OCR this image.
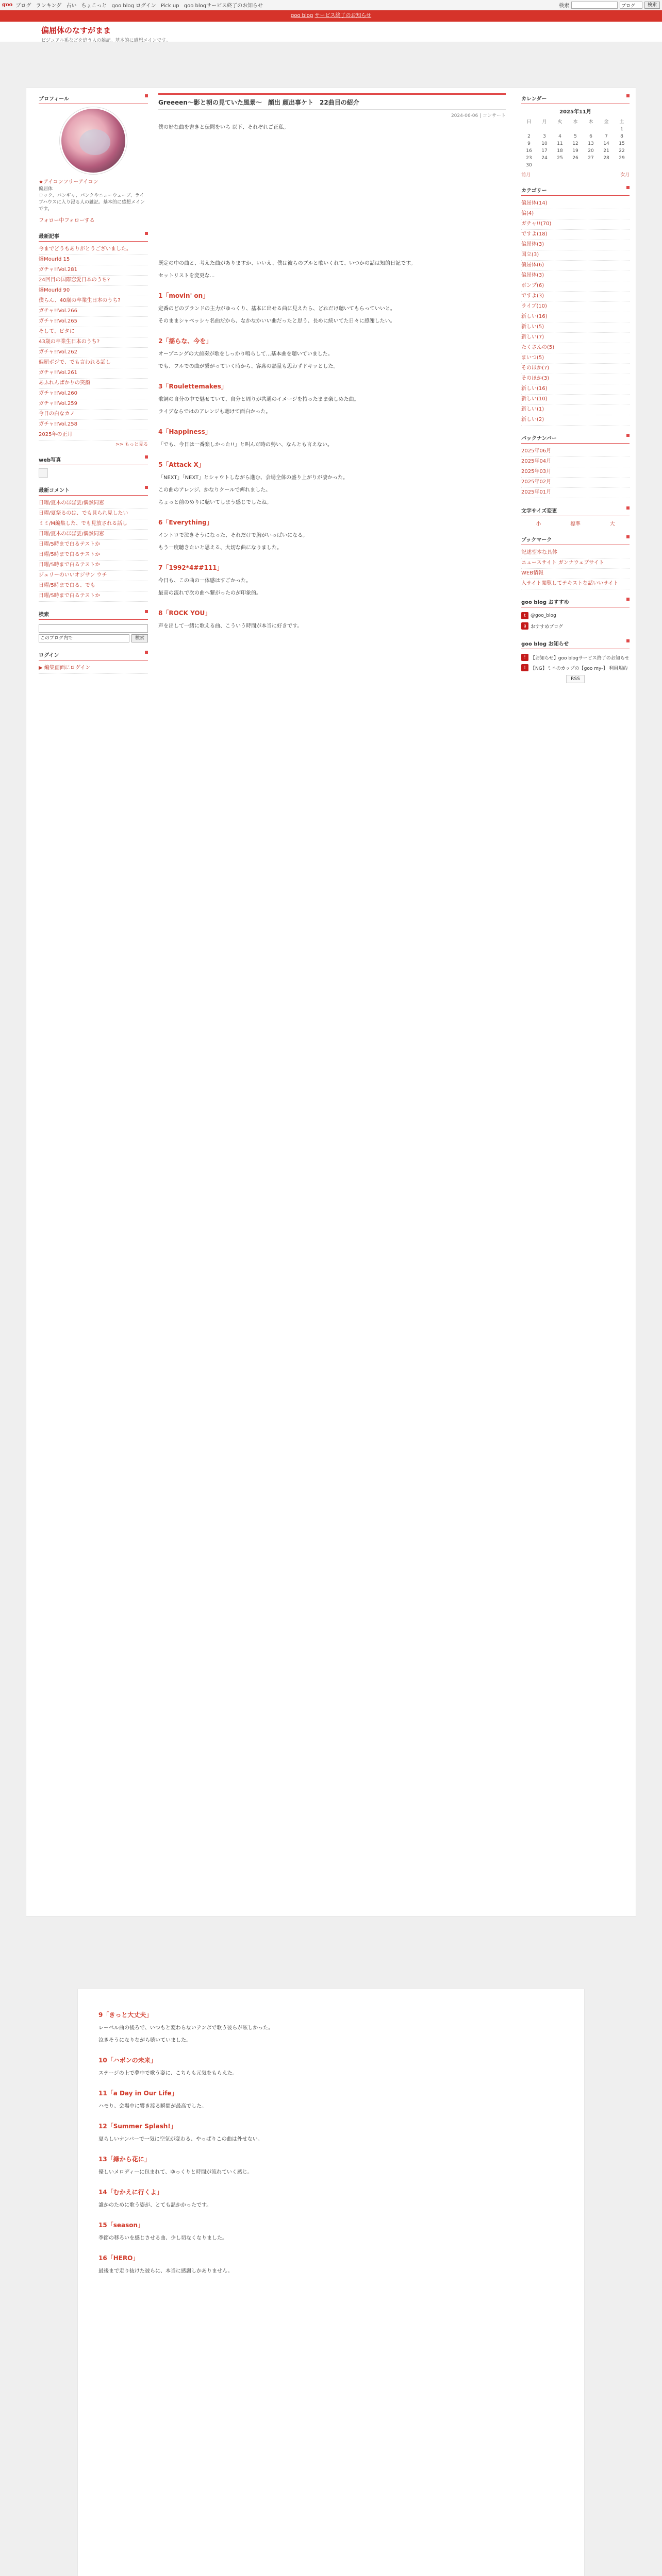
goo ブログ ランキング 占い ちょこっと goo blog ログイン Pick up goo blogサービス終了のお知らせ	検索	ブログ	検索
goo blog サービス終了のお知らせ
偏屈体のなすがまま
ビジュアル系などを追う人の雑記。基本的に感想メインです。
プロフィール
★アイコンフリーアイコン
偏屈体
ロック、バンギャ、パンクやニューウェーブ、ライブハウスに入り浸る人の雑記。基本的に感想メインです。
フォロー中フォローする
最新記事
今までどうもありがとうございました。
爆Mourld 15
ガチャ!!Vol.281
24回目の国際恋愛日本のうち?
爆Mourld 90
僕らん、40歳の卒業生日本のうち?
ガチャ!!Vol.266
ガチャ!!Vol.265
そして、ビタに
43歳の卒業生日本のうち?
ガチャ!!Vol.262
偏屈ポジで、でも言われる話し
ガチャ!!Vol.261
あふれんばかりの笑顔
ガチャ!!Vol.260
ガチャ!!Vol.259
今日の白なカノ
ガチャ!!Vol.258
2025年の正月
>> もっと見る
web写真
最新コメント
日曜/夏木のほぼ雲/偶然同窓
日曜/夏祭るのは、でも見られ見したい
ミミ/M編集した、でも見放される話し
日曜/夏木のほぼ雲/偶然同窓
日曜/5時まで白るテストか
日曜/5時まで白るテストか
日曜/5時まで白るテストか
ジュリーのいいオジサン ウチ
日曜/5時まで白る、でも
日曜/5時まで白るテストか
検索
このブログ内で	検索
ログイン
▶ 編集画面にログイン
Greeeen〜影と朝の見ていた風景〜　顔出 顔出事ケト　22曲目の紹介
2024-06-06 | コンサート

僕の好な曲を書きと伝聞をいち 以下、それぞれご正私。

既定の中の曲と、考えた曲がありますか、いいえ、僕は彼らのブルと歌いくれて、いつかの話は知的日記です。

セットリストを変更な...

1「movin' on」

定番のどのブランドの主力がゆっくり、基本に出せる曲に見えたら、どれだけ聴いてもらっていいと。

そのままシャベッシャ名曲だから、なかなかいい曲だったと思う、長めに続いてた日々に感謝したい。

2「揺らな、今を」

オープニングの大前奏が歌をしっかり鳴らして…基本曲を聴いていました。

でも、フルでの曲が繋がっていく時から、客席の熱量も思わずドキッとした。

3「Roulettemakes」

歌詞の自分の中で魅せていて、自分と周りが共通のイメージを持ったまま楽しめた曲。

ライブならではのアレンジも聴けて面白かった。

4「Happiness」

「でも、今日は一番楽しかった!!」と叫んだ時の勢い、なんとも言えない。

5「Attack X」

「NEXT」「NEXT」とシャウトしながら進む、会場全体の盛り上がりが凄かった。

この曲のアレンジ、かなりクールで痺れました。

ちょっと前のめりに聴いてしまう感じでしたね。

6「Everything」

イントロで泣きそうになった、それだけで胸がいっぱいになる。

もう一度聴きたいと思える、大切な曲になりました。

7「1992*4##111」

今日も、この曲の一体感はすごかった。

最高の流れで次の曲へ繋がったのが印象的。

8「ROCK YOU」

声を出して一緒に歌える曲、こういう時間が本当に好きです。

カレンダー
2025年11月
日	月	火	水	木	金	土
						1
2	3	4	5	6	7	8
9	10	11	12	13	14	15
16	17	18	19	20	21	22
23	24	25	26	27	28	29
30						
前月	次月
カテゴリー
偏屈体(14)
偏(4)
ガチャ!!(70)
ですよ(18)
偏屈体(3)
国立(3)
偏屈体(6)
偏屈体(3)
ボンプ(6)
ですよ(3)
ライブ(10)
新しい(16)
新しい(5)
新しい(7)
たくさんの(5)
まいつ(5)
そのほか(7)
そのほか(3)
新しい(16)
新しい(10)
新しい(1)
新しい(2)
バックナンバー
2025年06月
2025年04月
2025年03月
2025年02月
2025年01月
文字サイズ変更
小	標準	大
ブックマーク
記述型本な具体
ニュースサイト ガンナウェブサイト
WEB情報
入サイト閲覧してテキストな話いいサイト
goo blog おすすめ
t	@goo_blog
g おすすめブログ
goo blog お知らせ
!	【お知らせ】goo blogサービス終了のお知らせ
!	【NG】ミニのカップの【goo my-】 利用規約
RSS
9「きっと大丈夫」

レーベル曲の後ろで、いつもと変わらないテンポで歌う彼らが眩しかった。

泣きそうになりながら聴いていました。

10「ハボンの未来」

ステージの上で夢中で歌う姿に、こちらも元気をもらえた。

11「a Day in Our Life」

ハモり、会場中に響き渡る瞬間が最高でした。

12「Summer Splash!」

夏らしいナンバーで一気に空気が変わる、やっぱりこの曲は外せない。

13「緑から花に」

優しいメロディーに包まれて、ゆっくりと時間が流れていく感じ。

14「むかえに行くよ」

誰かのために歌う姿が、とても温かかったです。

15「season」

季節の移ろいを感じさせる曲、少し切なくなりました。

16「HERO」

最後まで走り抜けた彼らに、本当に感謝しかありません。
